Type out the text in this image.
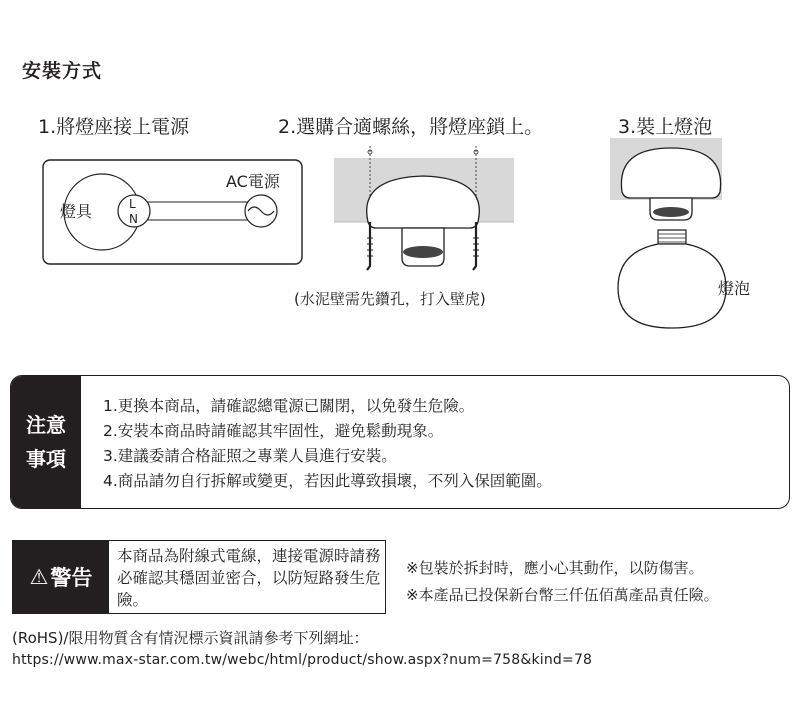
安裝方式
1.將燈座接上電源	2.選購合適螺絲，將燈座鎖上。	3.裝上燈泡
燈具	L
N
AC電源
(水泥壁需先鑽孔，打入壁虎)
燈泡
注意
事項
1.更換本商品，請確認總電源已關閉，以免發生危險。
2.安裝本商品時請確認其牢固性，避免鬆動現象。
3.建議委請合格証照之專業人員進行安裝。
4.商品請勿自行拆解或變更，若因此導致損壞，不列入保固範圍。
⚠ 警告
本商品為附線式電線，連接電源時請務必確認其穩固並密合，以防短路發生危險。
※包裝於拆封時，應小心其動作，以防傷害。
※本產品已投保新台幣三仟伍佰萬產品責任險。
(RoHS)/限用物質含有情況標示資訊請參考下列網址：
https://www.max-star.com.tw/webc/html/product/show.aspx?num=758&kind=78
